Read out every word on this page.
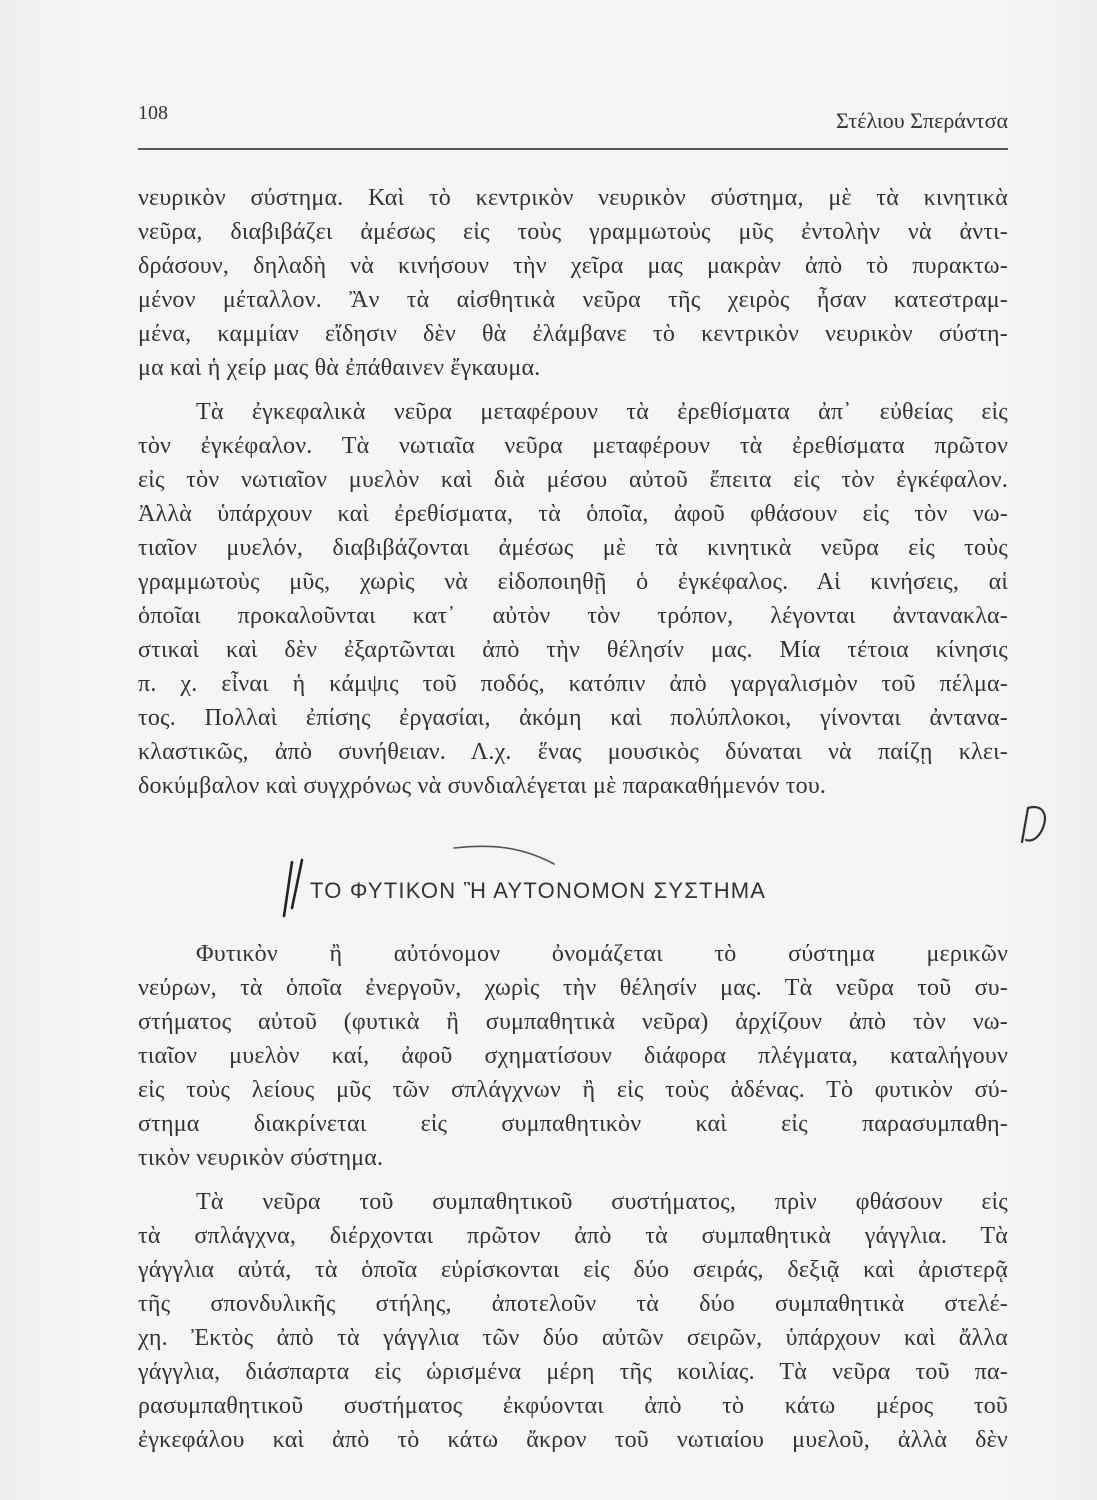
108	Στέλιου Σπεράντσα
νευρικὸν σύστημα. Καὶ τὸ κεντρικὸν νευρικὸν σύστημα, μὲ τὰ κινητικὰ
νεῦρα, διαβιβάζει ἀμέσως εἰς τοὺς γραμμωτοὺς μῦς ἐντολὴν νὰ ἀντι-
δράσουν, δηλαδὴ νὰ κινήσουν τὴν χεῖρα μας μακρὰν ἀπὸ τὸ πυρακτω-
μένον μέταλλον. Ἂν τὰ αἰσθητικὰ νεῦρα τῆς χειρὸς ἦσαν κατεστραμ-
μένα, καμμίαν εἴδησιν δὲν θὰ ἐλάμβανε τὸ κεντρικὸν νευρικὸν σύστη-
μα καὶ ἡ χείρ μας θὰ ἐπάθαινεν ἔγκαυμα.
Τὰ ἐγκεφαλικὰ νεῦρα μεταφέρουν τὰ ἐρεθίσματα ἀπ᾽ εὐθείας εἰς
τὸν ἐγκέφαλον. Τὰ νωτιαῖα νεῦρα μεταφέρουν τὰ ἐρεθίσματα πρῶτον
εἰς τὸν νωτιαῖον μυελὸν καὶ διὰ μέσου αὐτοῦ ἔπειτα εἰς τὸν ἐγκέφαλον.
Ἀλλὰ ὑπάρχουν καὶ ἐρεθίσματα, τὰ ὁποῖα, ἀφοῦ φθάσουν εἰς τὸν νω-
τιαῖον μυελόν, διαβιβάζονται ἀμέσως μὲ τὰ κινητικὰ νεῦρα εἰς τοὺς
γραμμωτοὺς μῦς, χωρὶς νὰ εἰδοποιηθῇ ὁ ἐγκέφαλος. Αἱ κινήσεις, αἱ
ὁποῖαι προκαλοῦνται κατ᾽ αὐτὸν τὸν τρόπον, λέγονται ἀντανακλα-
στικαὶ καὶ δὲν ἐξαρτῶνται ἀπὸ τὴν θέλησίν μας. Μία τέτοια κίνησις
π. χ. εἶναι ἡ κάμψις τοῦ ποδός, κατόπιν ἀπὸ γαργαλισμὸν τοῦ πέλμα-
τος. Πολλαὶ ἐπίσης ἐργασίαι, ἀκόμη καὶ πολύπλοκοι, γίνονται ἀντανα-
κλαστικῶς, ἀπὸ συνήθειαν. Λ.χ. ἕνας μουσικὸς δύναται νὰ παίζῃ κλει-
δοκύμβαλον καὶ συγχρόνως νὰ συνδιαλέγεται μὲ παρακαθήμενόν του.
ΤΟ ΦΥΤΙΚΟΝ Ἢ ΑΥΤΟΝΟΜΟΝ ΣΥΣΤΗΜΑ
Φυτικὸν ἢ αὐτόνομον ὀνομάζεται τὸ σύστημα μερικῶν
νεύρων, τὰ ὁποῖα ἐνεργοῦν, χωρὶς τὴν θέλησίν μας. Τὰ νεῦρα τοῦ συ-
στήματος αὐτοῦ (φυτικὰ ἢ συμπαθητικὰ νεῦρα) ἀρχίζουν ἀπὸ τὸν νω-
τιαῖον μυελὸν καί, ἀφοῦ σχηματίσουν διάφορα πλέγματα, καταλήγουν
εἰς τοὺς λείους μῦς τῶν σπλάγχνων ἢ εἰς τοὺς ἀδένας. Τὸ φυτικὸν σύ-
στημα διακρίνεται εἰς συμπαθητικὸν καὶ εἰς παρασυμπαθη-
τικὸν νευρικὸν σύστημα.
Τὰ νεῦρα τοῦ συμπαθητικοῦ συστήματος, πρὶν φθάσουν εἰς
τὰ σπλάγχνα, διέρχονται πρῶτον ἀπὸ τὰ συμπαθητικὰ γάγγλια. Τὰ
γάγγλια αὐτά, τὰ ὁποῖα εὑρίσκονται εἰς δύο σειράς, δεξιᾷ καὶ ἀριστερᾷ
τῆς σπονδυλικῆς στήλης, ἀποτελοῦν τὰ δύο συμπαθητικὰ στελέ-
χη. Ἐκτὸς ἀπὸ τὰ γάγγλια τῶν δύο αὐτῶν σειρῶν, ὑπάρχουν καὶ ἄλλα
γάγγλια, διάσπαρτα εἰς ὡρισμένα μέρη τῆς κοιλίας. Τὰ νεῦρα τοῦ πα-
ρασυμπαθητικοῦ συστήματος ἐκφύονται ἀπὸ τὸ κάτω μέρος τοῦ
ἐγκεφάλου καὶ ἀπὸ τὸ κάτω ἄκρον τοῦ νωτιαίου μυελοῦ, ἀλλὰ δὲν
